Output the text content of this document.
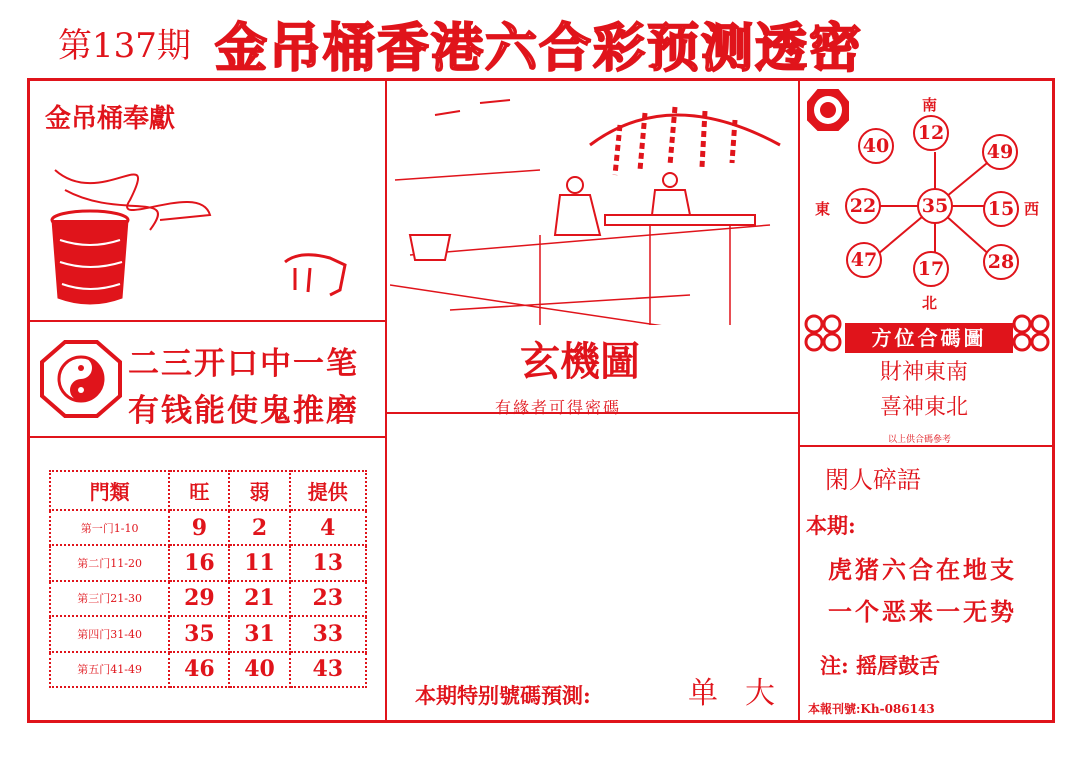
第137期 金吊桶香港六合彩预测透密
金吊桶奉獻
二三开口中一笔
有钱能使鬼推磨
玄機圖
有緣者可得密碼
門類	旺	弱	提供
第一门1-10	9	2	4
第二门11-20	16	11	13
第三门21-30	29	21	23
第四门31-40	35	31	33
第五门41-49	46	40	43
本期特别號碼預測:	单 大
南
北
東	西
12
40	49
22 35 15
47 17 28
方位合碼圖
財神東南
喜神東北
以上供合碼參考
閑人碎語
本期:
虎猪六合在地支
一个恶来一无势
注: 摇唇鼓舌
本報刊號:Kh-086143
